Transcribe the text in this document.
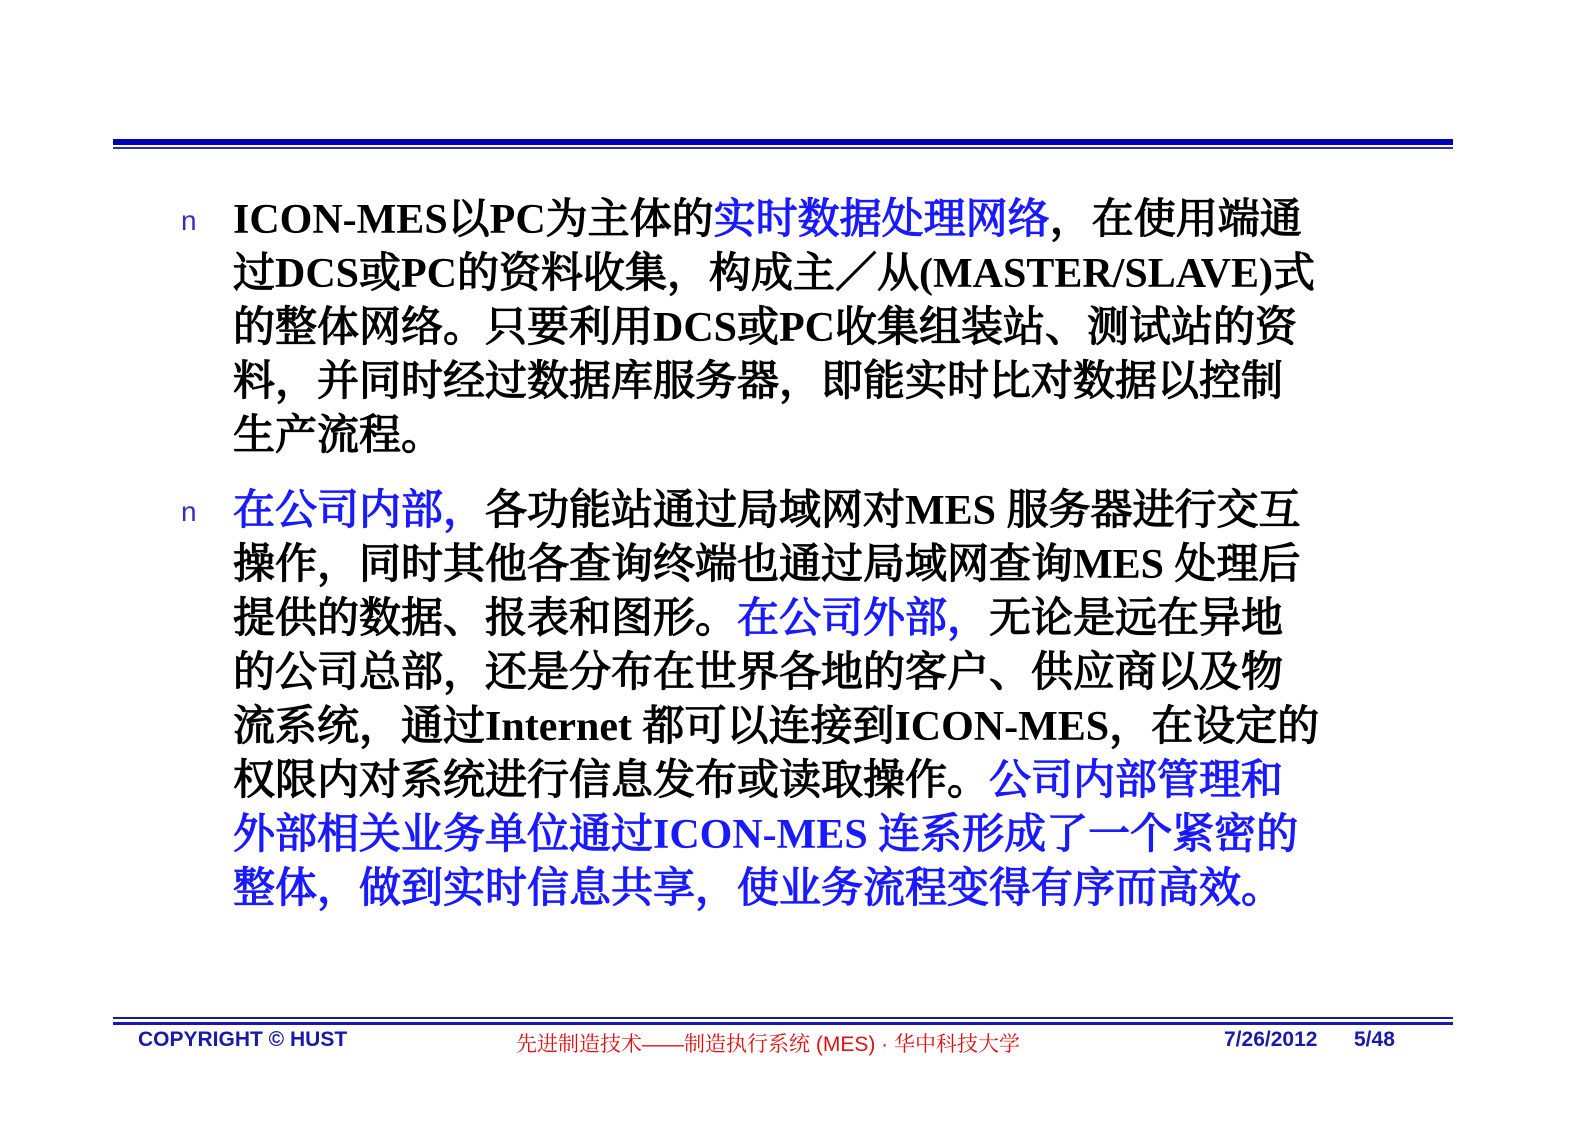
n ICON-MES以PC为主体的实时数据处理网络，在使用端通
过DCS或PC的资料收集，构成主／从(MASTER/SLAVE)式
的整体网络。只要利用DCS或PC收集组装站、测试站的资
料，并同时经过数据库服务器，即能实时比对数据以控制
生产流程。
n 在公司内部，各功能站通过局域网对MES 服务器进行交互
操作，同时其他各查询终端也通过局域网查询MES 处理后
提供的数据、报表和图形。在公司外部，无论是远在异地
的公司总部，还是分布在世界各地的客户、供应商以及物
流系统，通过Internet 都可以连接到ICON-MES，在设定的
权限内对系统进行信息发布或读取操作。公司内部管理和
外部相关业务单位通过ICON-MES 连系形成了一个紧密的
整体，做到实时信息共享，使业务流程变得有序而高效。
COPYRIGHT © HUST	先进制造技术——制造执行系统 (MES) · 华中科技大学	7/26/2012 5/48
